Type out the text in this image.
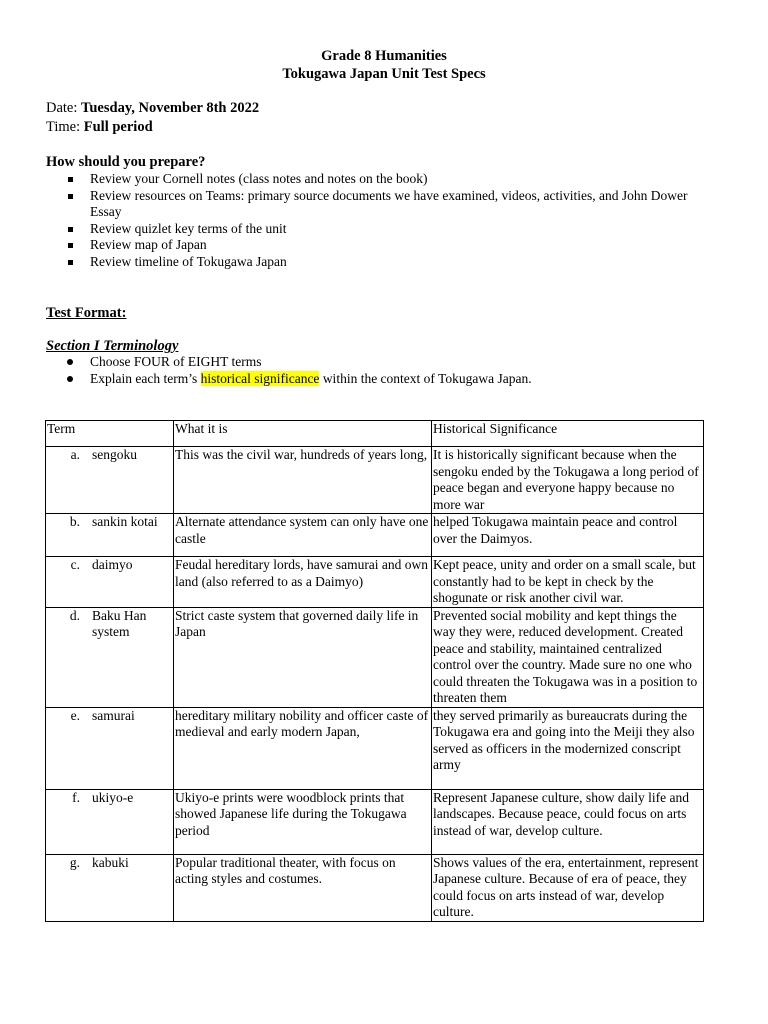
Grade 8 Humanities
Tokugawa Japan Unit Test Specs
Date: Tuesday, November 8th 2022
Time: Full period
How should you prepare?
Review your Cornell notes (class notes and notes on the book)
Review resources on Teams: primary source documents we have examined, videos, activities, and John Dower Essay
Review quizlet key terms of the unit
Review map of Japan
Review timeline of Tokugawa Japan
Test Format:
Section I Terminology
Choose FOUR of EIGHT terms
Explain each term’s historical significance within the context of Tokugawa Japan.
Term	What it is	Historical Significance

a. sengoku	This was the civil war, hundreds of years long,	It is historically significant because when the sengoku ended by the Tokugawa a long period of peace began and everyone happy because no more war

b. sankin kotai	Alternate attendance system can only have one castle	helped Tokugawa maintain peace and control over the Daimyos.

c. daimyo	Feudal hereditary lords, have samurai and own land (also referred to as a Daimyo)	Kept peace, unity and order on a small scale, but constantly had to be kept in check by the shogunate or risk another civil war.

d. Baku Han system	Strict caste system that governed daily life in Japan	Prevented social mobility and kept things the way they were, reduced development. Created peace and stability, maintained centralized control over the country. Made sure no one who could threaten the Tokugawa was in a position to threaten them

e. samurai	hereditary military nobility and officer caste of medieval and early modern Japan,	they served primarily as bureaucrats during the Tokugawa era and going into the Meiji they also served as officers in the modernized conscript army

f. ukiyo-e	Ukiyo-e prints were woodblock prints that showed Japanese life during the Tokugawa period	Represent Japanese culture, show daily life and landscapes. Because peace, could focus on arts instead of war, develop culture.

g. kabuki	Popular traditional theater, with focus on acting styles and costumes.	Shows values of the era, entertainment, represent Japanese culture. Because of era of peace, they could focus on arts instead of war, develop culture.
